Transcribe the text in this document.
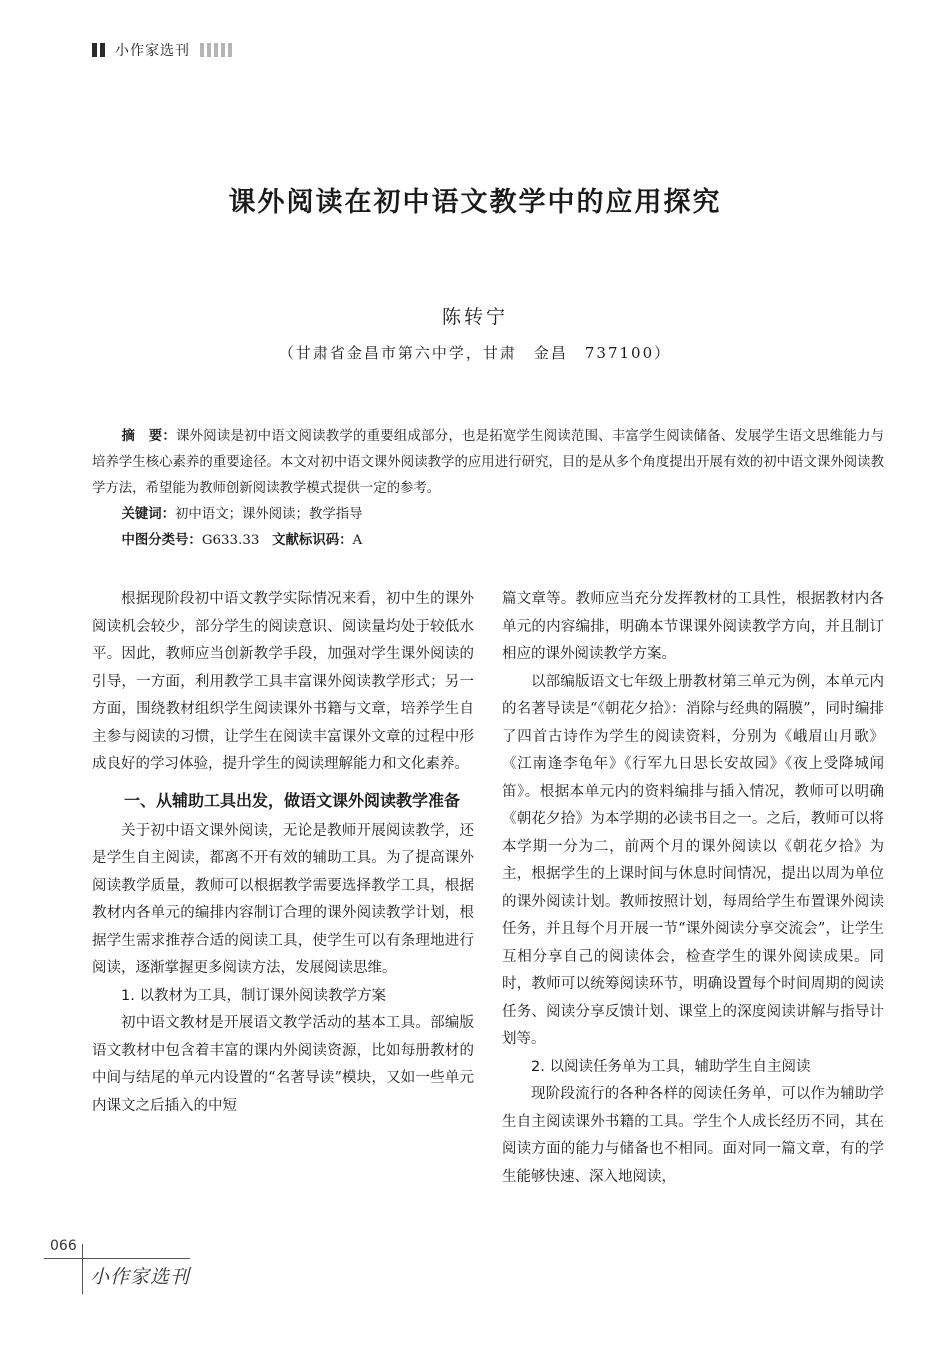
小作家选刊
课外阅读在初中语文教学中的应用探究
陈转宁
（甘肃省金昌市第六中学，甘肃　金昌　737100）

摘　要：课外阅读是初中语文阅读教学的重要组成部分，也是拓宽学生阅读范围、丰富学生阅读储备、发展学生语文思维能力与培养学生核心素养的重要途径。本文对初中语文课外阅读教学的应用进行研究，目的是从多个角度提出开展有效的初中语文课外阅读教学方法，希望能为教师创新阅读教学模式提供一定的参考。

关键词：初中语文；课外阅读；教学指导

中图分类号：G633.33 文献标识码：A

根据现阶段初中语文教学实际情况来看，初中生的课外阅读机会较少，部分学生的阅读意识、阅读量均处于较低水平。因此，教师应当创新教学手段，加强对学生课外阅读的引导，一方面，利用教学工具丰富课外阅读教学形式；另一方面，围绕教材组织学生阅读课外书籍与文章，培养学生自主参与阅读的习惯，让学生在阅读丰富课外文章的过程中形成良好的学习体验，提升学生的阅读理解能力和文化素养。

一、从辅助工具出发，做语文课外阅读教学准备

关于初中语文课外阅读，无论是教师开展阅读教学，还是学生自主阅读，都离不开有效的辅助工具。为了提高课外阅读教学质量，教师可以根据教学需要选择教学工具，根据教材内各单元的编排内容制订合理的课外阅读教学计划，根据学生需求推荐合适的阅读工具，使学生可以有条理地进行阅读，逐渐掌握更多阅读方法，发展阅读思维。

1. 以教材为工具，制订课外阅读教学方案

初中语文教材是开展语文教学活动的基本工具。部编版语文教材中包含着丰富的课内外阅读资源，比如每册教材的中间与结尾的单元内设置的“名著导读”模块，又如一些单元内课文之后插入的中短

篇文章等。教师应当充分发挥教材的工具性，根据教材内各单元的内容编排，明确本节课课外阅读教学方向，并且制订相应的课外阅读教学方案。

以部编版语文七年级上册教材第三单元为例，本单元内的名著导读是“《朝花夕拾》：消除与经典的隔膜”，同时编排了四首古诗作为学生的阅读资料，分别为《峨眉山月歌》《江南逢李龟年》《行军九日思长安故园》《夜上受降城闻笛》。根据本单元内的资料编排与插入情况，教师可以明确《朝花夕拾》为本学期的必读书目之一。之后，教师可以将本学期一分为二，前两个月的课外阅读以《朝花夕拾》为主，根据学生的上课时间与休息时间情况，提出以周为单位的课外阅读计划。教师按照计划，每周给学生布置课外阅读任务，并且每个月开展一节“课外阅读分享交流会”，让学生互相分享自己的阅读体会，检查学生的课外阅读成果。同时，教师可以统筹阅读环节，明确设置每个时间周期的阅读任务、阅读分享反馈计划、课堂上的深度阅读讲解与指导计划等。

2. 以阅读任务单为工具，辅助学生自主阅读

现阶段流行的各种各样的阅读任务单，可以作为辅助学生自主阅读课外书籍的工具。学生个人成长经历不同，其在阅读方面的能力与储备也不相同。面对同一篇文章，有的学生能够快速、深入地阅读，

066
小作家选刊
